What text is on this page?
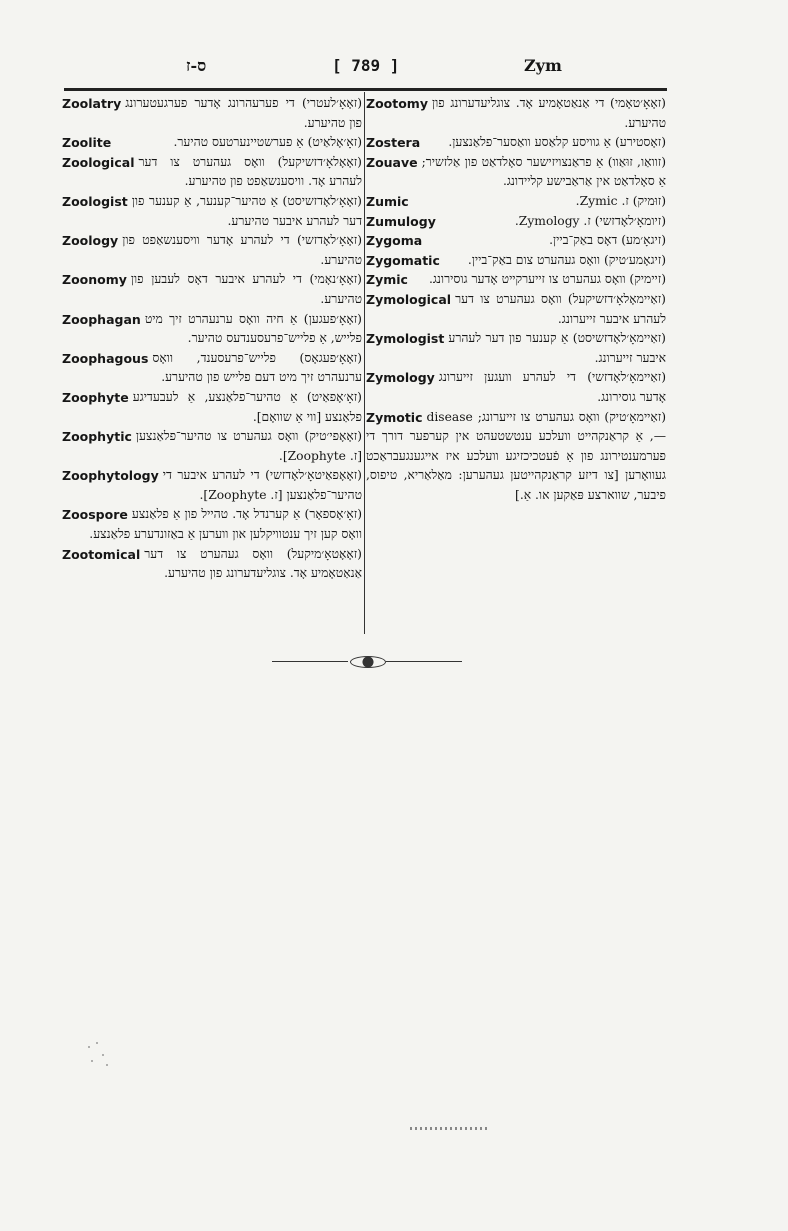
ס-ז	[ 789 ]	Zym
Zootomy	(זאָאָ׳טאָמי) די אַנאַטאָמיע אָד. צוגליעדערונג פון טהיערע.
Zostera	(זאָסטירע) אַ גוויסע קלאַסע וואַסער־פלאַנצען.
Zouave	(זוואַו, זוּאַוו) אַ פראַנצויזישער סאָלדאַט פון אַלזשיר; אַ סאָלדאַט אין אַראַבישע קליידונג.
Zumic	(זוּמיק) ז. Zymic.
Zumulogy	(זיומאָ׳לאָדזשי) ז. Zymology.
Zygoma	(זיגאָ׳מע) דאָס באַק־ביין.
Zygomatic	(זיגאָמע׳טיק) וואָס געהערט צום באַק־ביין.
Zymic	(זיימיק) וואָס געהערט צו זייערקייט אָדער גוסירונג.
Zymological	(זאַיימאָלאָ׳דזשיקעל) וואָס געהערט צו דער לעהרע איבער זייערונג.
Zymologist	(זאַיימאָ׳לאָדזשיסט) אַ קענער פון דער לעהרע איבער זייערונג.
Zymology	(זאַיימאָ׳לאָדזשי) די לעהרע וועגען זייערונג אָדער גוסירונג.
Zymotic	(זאַיימאָ׳טיק) וואָס געהערט צו זייערונג; disease —, אַ קראַנקהייט וועלכע ענטשטעהט אין קערפער דורך די פערמענטירונג פון אַ פֿעטכיכזיגע וועלכע איז אייגענגעבראַכט געוואָרען [צו דיזע קראַנקהייטען געהערען: מאַלאַריא, טיפוס, פיבער, שווארצע פּאַקען או. אַ.]
Zoolatry	(זאָאָ׳לעטרי) די פערעהרונג אָדער פערגעטערונג פון טהיערע.
Zoolite	(זאָ׳אָלאַיט) אַ פערשטיינערטעס טהיער.
Zoological	(זאָאָלאָ׳דזשיקעל) וואָס געהערט צו דער לעהרע אָד. וויסענשאַפט פון טהיערע.
Zoologist	(זאָאָ׳לאָדזשיסט) אַ טהיער־קענער, אַ קענער פון דער לעהרע איבער טהיערע.
Zoology	(זאָאָ׳לאָדזשי) די לעהרע אָדער וויסענשאַפט פון טהיערע.
Zoonomy	(זאָאָ׳נאָמי) די לעהרע איבער דאָס לעבען פון טהיערע.
Zoophagan	(זאָאָ׳פעגען) אַ חיה וואָס ערנעהרט זיך מיט פלייש, אַ פלייש־פרעסענדעס טהיער.
Zoophagous	(זאָאָ׳פעגאָס) פלייש־פרעסענד, וואָס ערנעהרט זיך מיט דעם פלייש פון טהיערע.
Zoophyte	(זאָ׳אָפאַיט) אַ טהיער־פלאַנצע, אַ לעבעדיגע פלאַנצע [ווי אַ שוואָם].
Zoophytic	(זאָאָפי׳טיק) וואָס געהערט צו טהיער־פלאַנצען [ז. Zoophyte].
Zoophytology	(זאָאָפאַיטאָ׳לאָדזשי) די לעהרע איבער די טהיער־פלאַנצען [ז. Zoophyte].
Zoospore	(זאָ׳אָספאָר) אַ קערנדל אָד. טהייל פון אַ פלאַנצע וואָס קען זיך ענטוויקלען און ווערען אַ באַזונדערע פלאַנצע.
Zootomical	(זאָאָטאָ׳מיקעל) וואָס געהערט צו דער אַנאַטאָמיע אָד. צוגליעדערונג פון טהיערע.
